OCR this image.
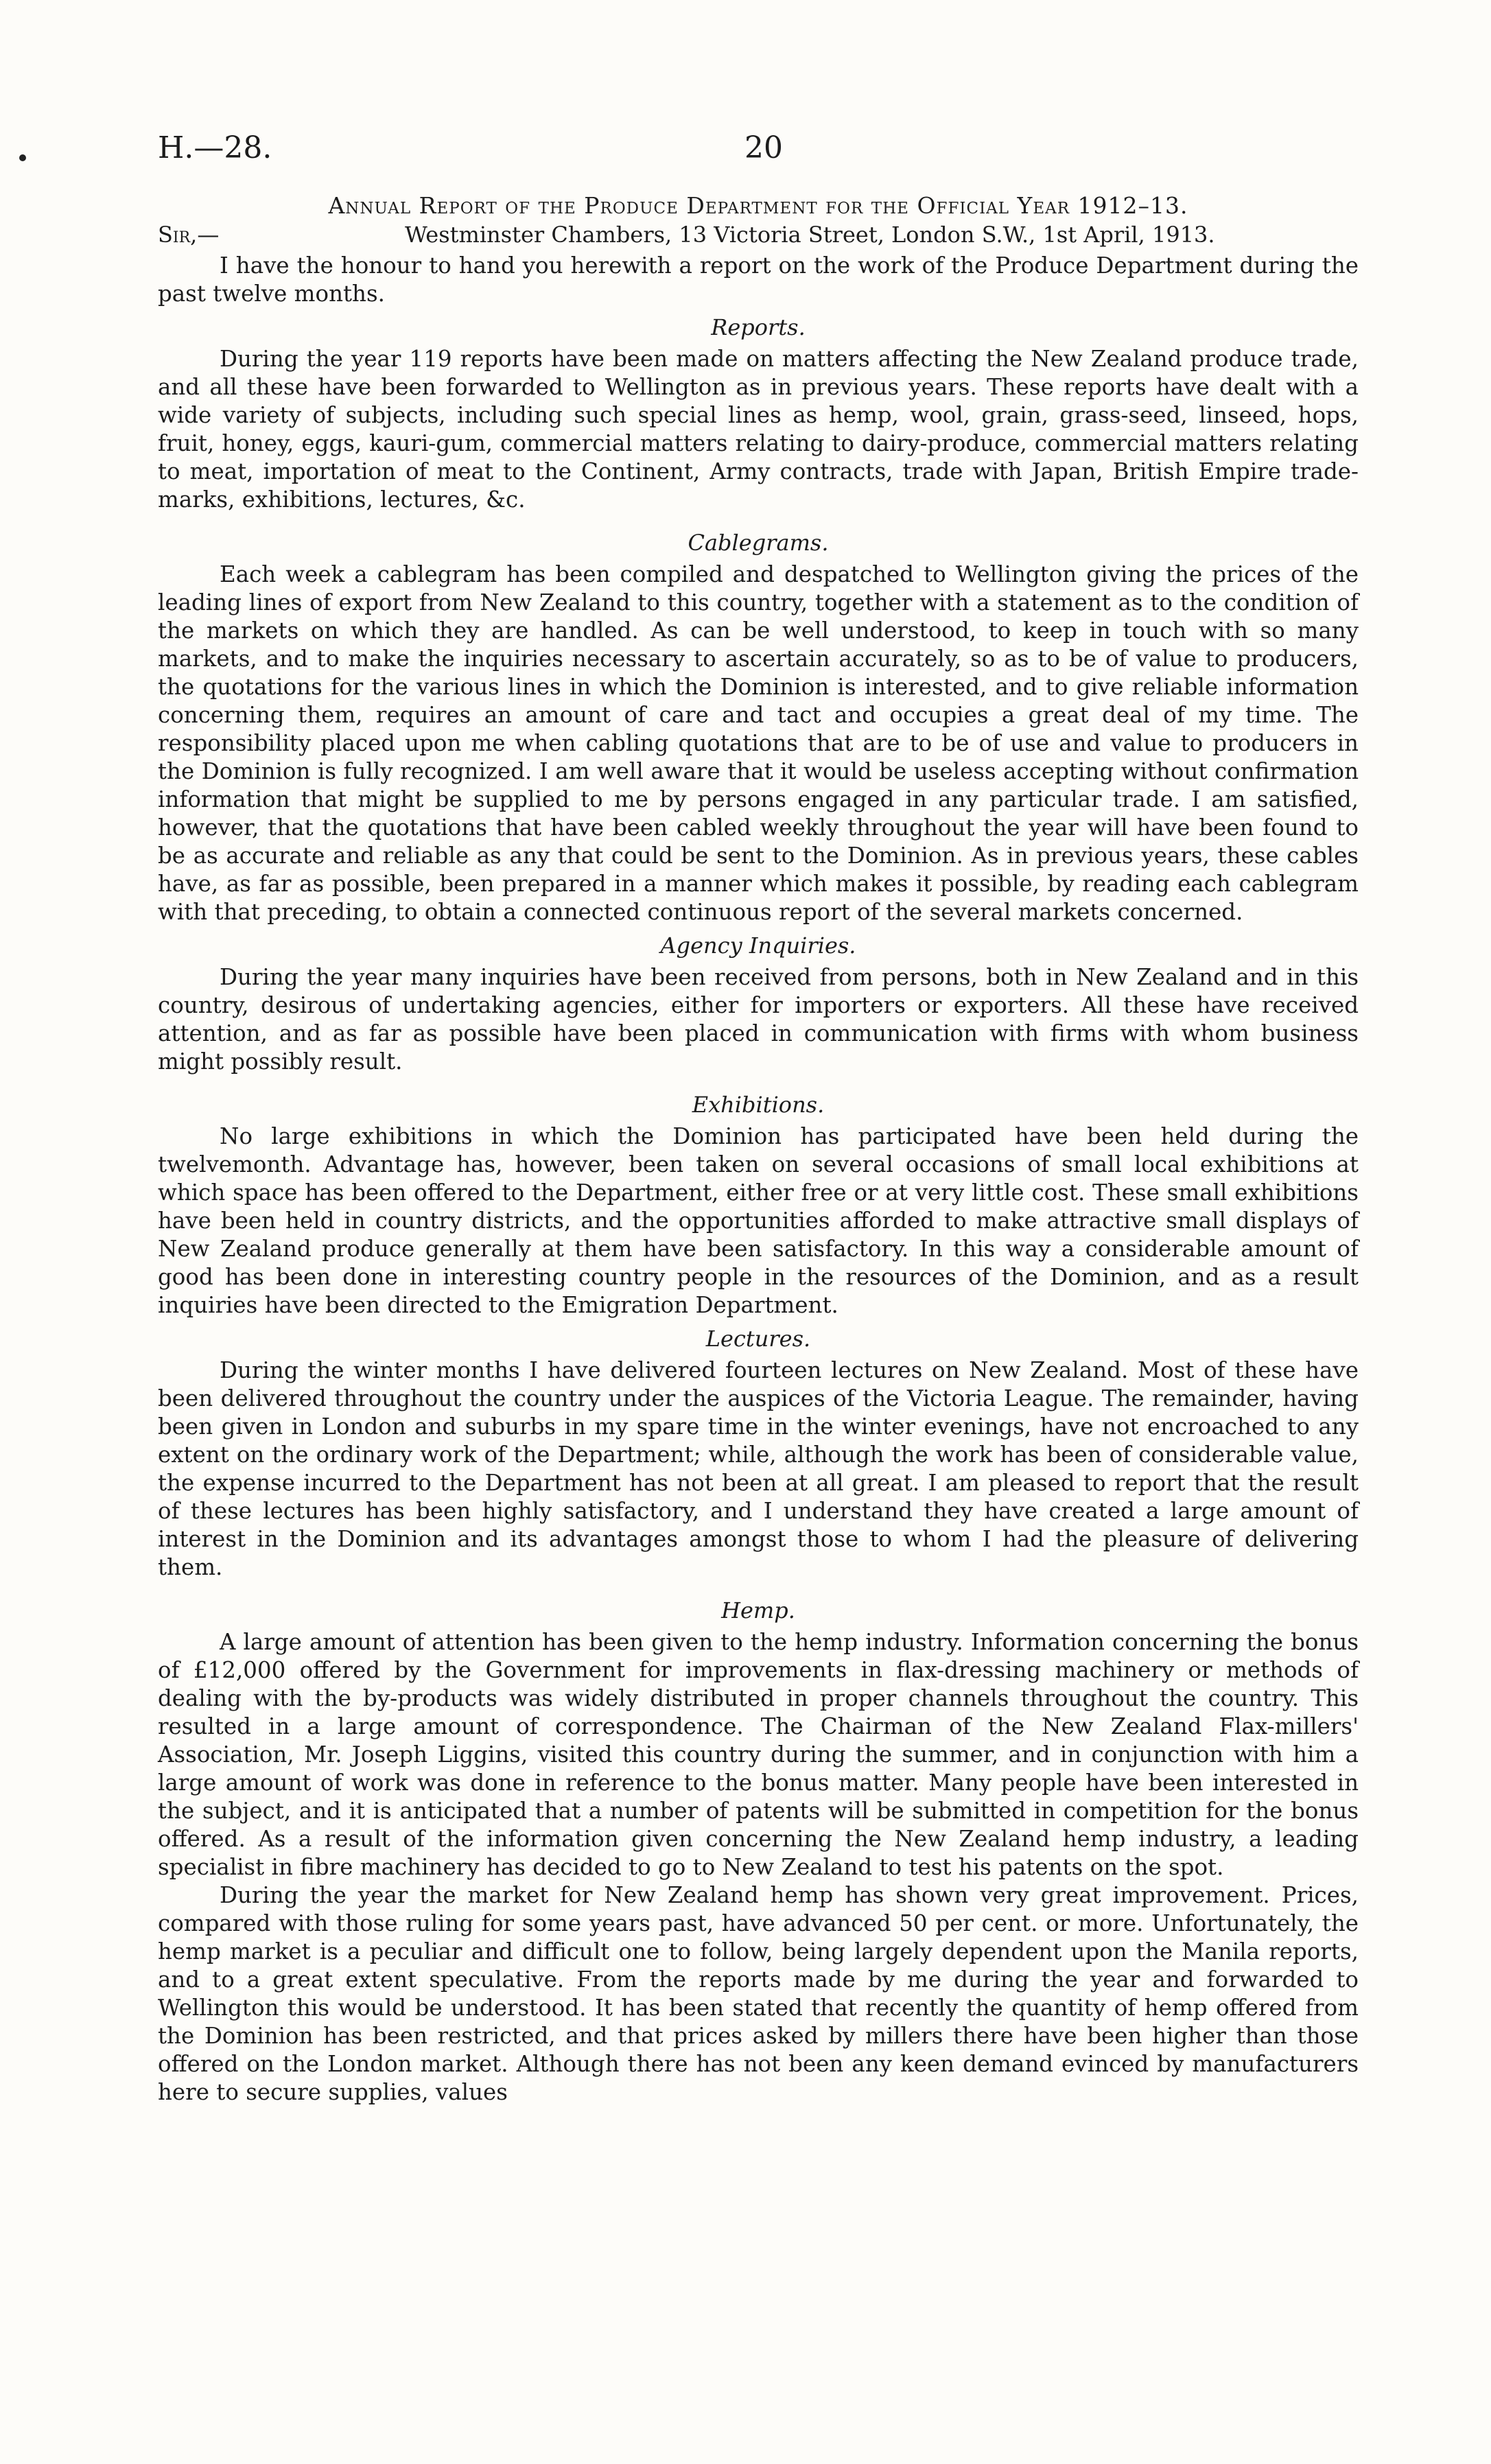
H.—28.	20
Annual Report of the Produce Department for the Official Year 1912–13.
Sir,—	Westminster Chambers, 13 Victoria Street, London S.W., 1st April, 1913.

I have the honour to hand you herewith a report on the work of the Produce Department during the past twelve months.

Reports.

During the year 119 reports have been made on matters affecting the New Zealand produce trade, and all these have been forwarded to Wellington as in previous years. These reports have dealt with a wide variety of subjects, including such special lines as hemp, wool, grain, grass-seed, linseed, hops, fruit, honey, eggs, kauri-gum, commercial matters relating to dairy-produce, commercial matters relating to meat, importation of meat to the Continent, Army contracts, trade with Japan, British Empire trade-marks, exhibitions, lectures, &c.

Cablegrams.

Each week a cablegram has been compiled and despatched to Wellington giving the prices of the leading lines of export from New Zealand to this country, together with a statement as to the condition of the markets on which they are handled. As can be well understood, to keep in touch with so many markets, and to make the inquiries necessary to ascertain accurately, so as to be of value to producers, the quotations for the various lines in which the Dominion is interested, and to give reliable information concerning them, requires an amount of care and tact and occupies a great deal of my time. The responsibility placed upon me when cabling quotations that are to be of use and value to producers in the Dominion is fully recognized. I am well aware that it would be useless accepting without confirmation information that might be supplied to me by persons engaged in any particular trade. I am satisfied, however, that the quotations that have been cabled weekly throughout the year will have been found to be as accurate and reliable as any that could be sent to the Dominion. As in previous years, these cables have, as far as possible, been prepared in a manner which makes it possible, by reading each cablegram with that preceding, to obtain a connected continuous report of the several markets concerned.

Agency Inquiries.

During the year many inquiries have been received from persons, both in New Zealand and in this country, desirous of undertaking agencies, either for importers or exporters. All these have received attention, and as far as possible have been placed in communication with firms with whom business might possibly result.

Exhibitions.

No large exhibitions in which the Dominion has participated have been held during the twelvemonth. Advantage has, however, been taken on several occasions of small local exhibitions at which space has been offered to the Department, either free or at very little cost. These small exhibitions have been held in country districts, and the opportunities afforded to make attractive small displays of New Zealand produce generally at them have been satisfactory. In this way a considerable amount of good has been done in interesting country people in the resources of the Dominion, and as a result inquiries have been directed to the Emigration Department.

Lectures.

During the winter months I have delivered fourteen lectures on New Zealand. Most of these have been delivered throughout the country under the auspices of the Victoria League. The remainder, having been given in London and suburbs in my spare time in the winter evenings, have not encroached to any extent on the ordinary work of the Department; while, although the work has been of considerable value, the expense incurred to the Department has not been at all great. I am pleased to report that the result of these lectures has been highly satisfactory, and I understand they have created a large amount of interest in the Dominion and its advantages amongst those to whom I had the pleasure of delivering them.

Hemp.

A large amount of attention has been given to the hemp industry. Information concerning the bonus of £12,000 offered by the Government for improvements in flax-dressing machinery or methods of dealing with the by-products was widely distributed in proper channels throughout the country. This resulted in a large amount of correspondence. The Chairman of the New Zealand Flax-millers' Association, Mr. Joseph Liggins, visited this country during the summer, and in conjunction with him a large amount of work was done in reference to the bonus matter. Many people have been interested in the subject, and it is anticipated that a number of patents will be submitted in competition for the bonus offered. As a result of the information given concerning the New Zealand hemp industry, a leading specialist in fibre machinery has decided to go to New Zealand to test his patents on the spot.

During the year the market for New Zealand hemp has shown very great improvement. Prices, compared with those ruling for some years past, have advanced 50 per cent. or more. Unfortunately, the hemp market is a peculiar and difficult one to follow, being largely dependent upon the Manila reports, and to a great extent speculative. From the reports made by me during the year and forwarded to Wellington this would be understood. It has been stated that recently the quantity of hemp offered from the Dominion has been restricted, and that prices asked by millers there have been higher than those offered on the London market. Although there has not been any keen demand evinced by manufacturers here to secure supplies, values
